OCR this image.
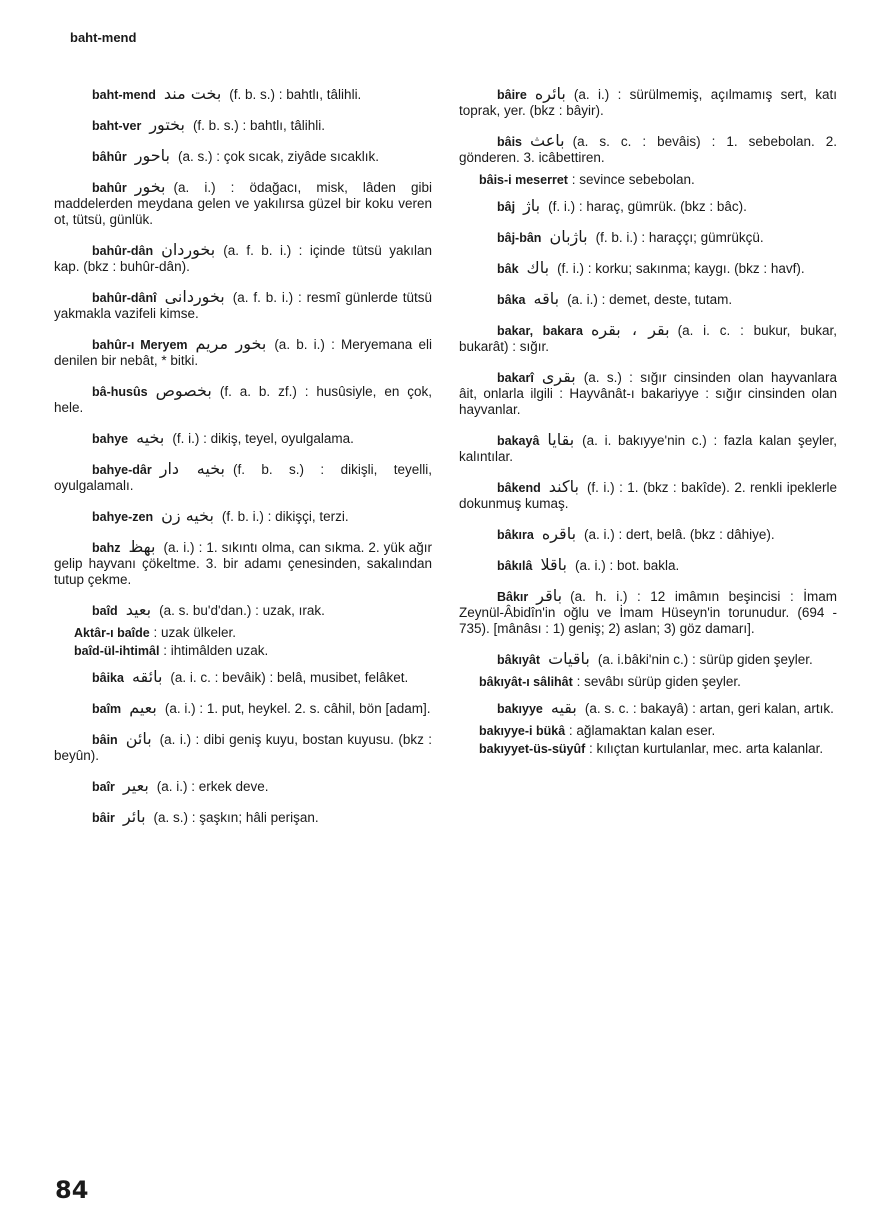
baht-mend
baht-mend بخت مند (f. b. s.) : bahtlı, tâlihli.
baht-ver بختور (f. b. s.) : bahtlı, tâlihli.
bâhûr باحور (a. s.) : çok sıcak, ziyâde sıcaklık.
bahûr بخور (a. i.) : ödağacı, misk, lâden gibi maddelerden meydana gelen ve yakılırsa güzel bir koku veren ot, tütsü, günlük.
bahûr-dân بخوردان (a. f. b. i.) : içinde tütsü yakılan kap. (bkz : buhûr-dân).
bahûr-dânî بخوردانى (a. f. b. i.) : resmî günlerde tütsü yakmakla vazifeli kimse.
bahûr-ı Meryem بخور مريم (a. b. i.) : Meryemana eli denilen bir nebât, * bitki.
bâ-husûs بخصوص (f. a. b. zf.) : husûsiyle, en çok, hele.
bahye بخيه (f. i.) : dikiş, teyel, oyulgalama.
bahye-dâr بخيه دار (f. b. s.) : dikişli, teyelli, oyulgalamalı.
bahye-zen بخيه زن (f. b. i.) : dikişçi, terzi.
bahz بهظ (a. i.) : 1. sıkıntı olma, can sıkma. 2. yük ağır gelip hayvanı çökeltme. 3. bir adamı çenesinden, sakalından tutup çekme.
baîd بعيد (a. s. bu'd'dan.) : uzak, ırak.
Aktâr-ı baîde : uzak ülkeler.
baîd-ül-ihtimâl : ihtimâlden uzak.
bâika بائقه (a. i. c. : bevâik) : belâ, musibet, felâket.
baîm بعيم (a. i.) : 1. put, heykel. 2. s. câhil, bön [adam].
bâin بائن (a. i.) : dibi geniş kuyu, bostan kuyusu. (bkz : beyûn).
baîr بعير (a. i.) : erkek deve.
bâir بائر (a. s.) : şaşkın; hâli perişan.
bâire بائره (a. i.) : sürülmemiş, açılmamış sert, katı toprak, yer. (bkz : bâyir).
bâis باعث (a. s. c. : bevâis) : 1. sebebolan. 2. gönderen. 3. icâbettiren.
bâis-i meserret : sevince sebebolan.
bâj باژ (f. i.) : haraç, gümrük. (bkz : bâc).
bâj-bân باژبان (f. b. i.) : haraççı; gümrükçü.
bâk باك (f. i.) : korku; sakınma; kaygı. (bkz : havf).
bâka باقه (a. i.) : demet, deste, tutam.
bakar, bakara بقر ، بقره (a. i. c. : bukur, bukar, bukarât) : sığır.
bakarî بقرى (a. s.) : sığır cinsinden olan hayvanlara âit, onlarla ilgili : Hayvânât-ı bakariyye : sığır cinsinden olan hayvanlar.
bakayâ بقايا (a. i. bakıyye'nin c.) : fazla kalan şeyler, kalıntılar.
bâkend باكند (f. i.) : 1. (bkz : bakîde). 2. renkli ipeklerle dokunmuş kumaş.
bâkıra باقره (a. i.) : dert, belâ. (bkz : dâhiye).
bâkılâ باقلا (a. i.) : bot. bakla.
Bâkır باقر (a. h. i.) : 12 imâmın beşincisi : İmam Zeynül-Âbidîn'in oğlu ve İmam Hüseyn'in torunudur. (694 - 735). [mânâsı : 1) geniş; 2) aslan; 3) göz damarı].
bâkıyât باقيات (a. i.bâki'nin c.) : sürüp giden şeyler.
bâkıyât-ı sâlihât : sevâbı sürüp giden şeyler.
bakıyye بقيه (a. s. c. : bakayâ) : artan, geri kalan, artık.
bakıyye-i bükâ : ağlamaktan kalan eser.
bakıyyet-üs-süyûf : kılıçtan kurtulanlar, mec. arta kalanlar.
84
